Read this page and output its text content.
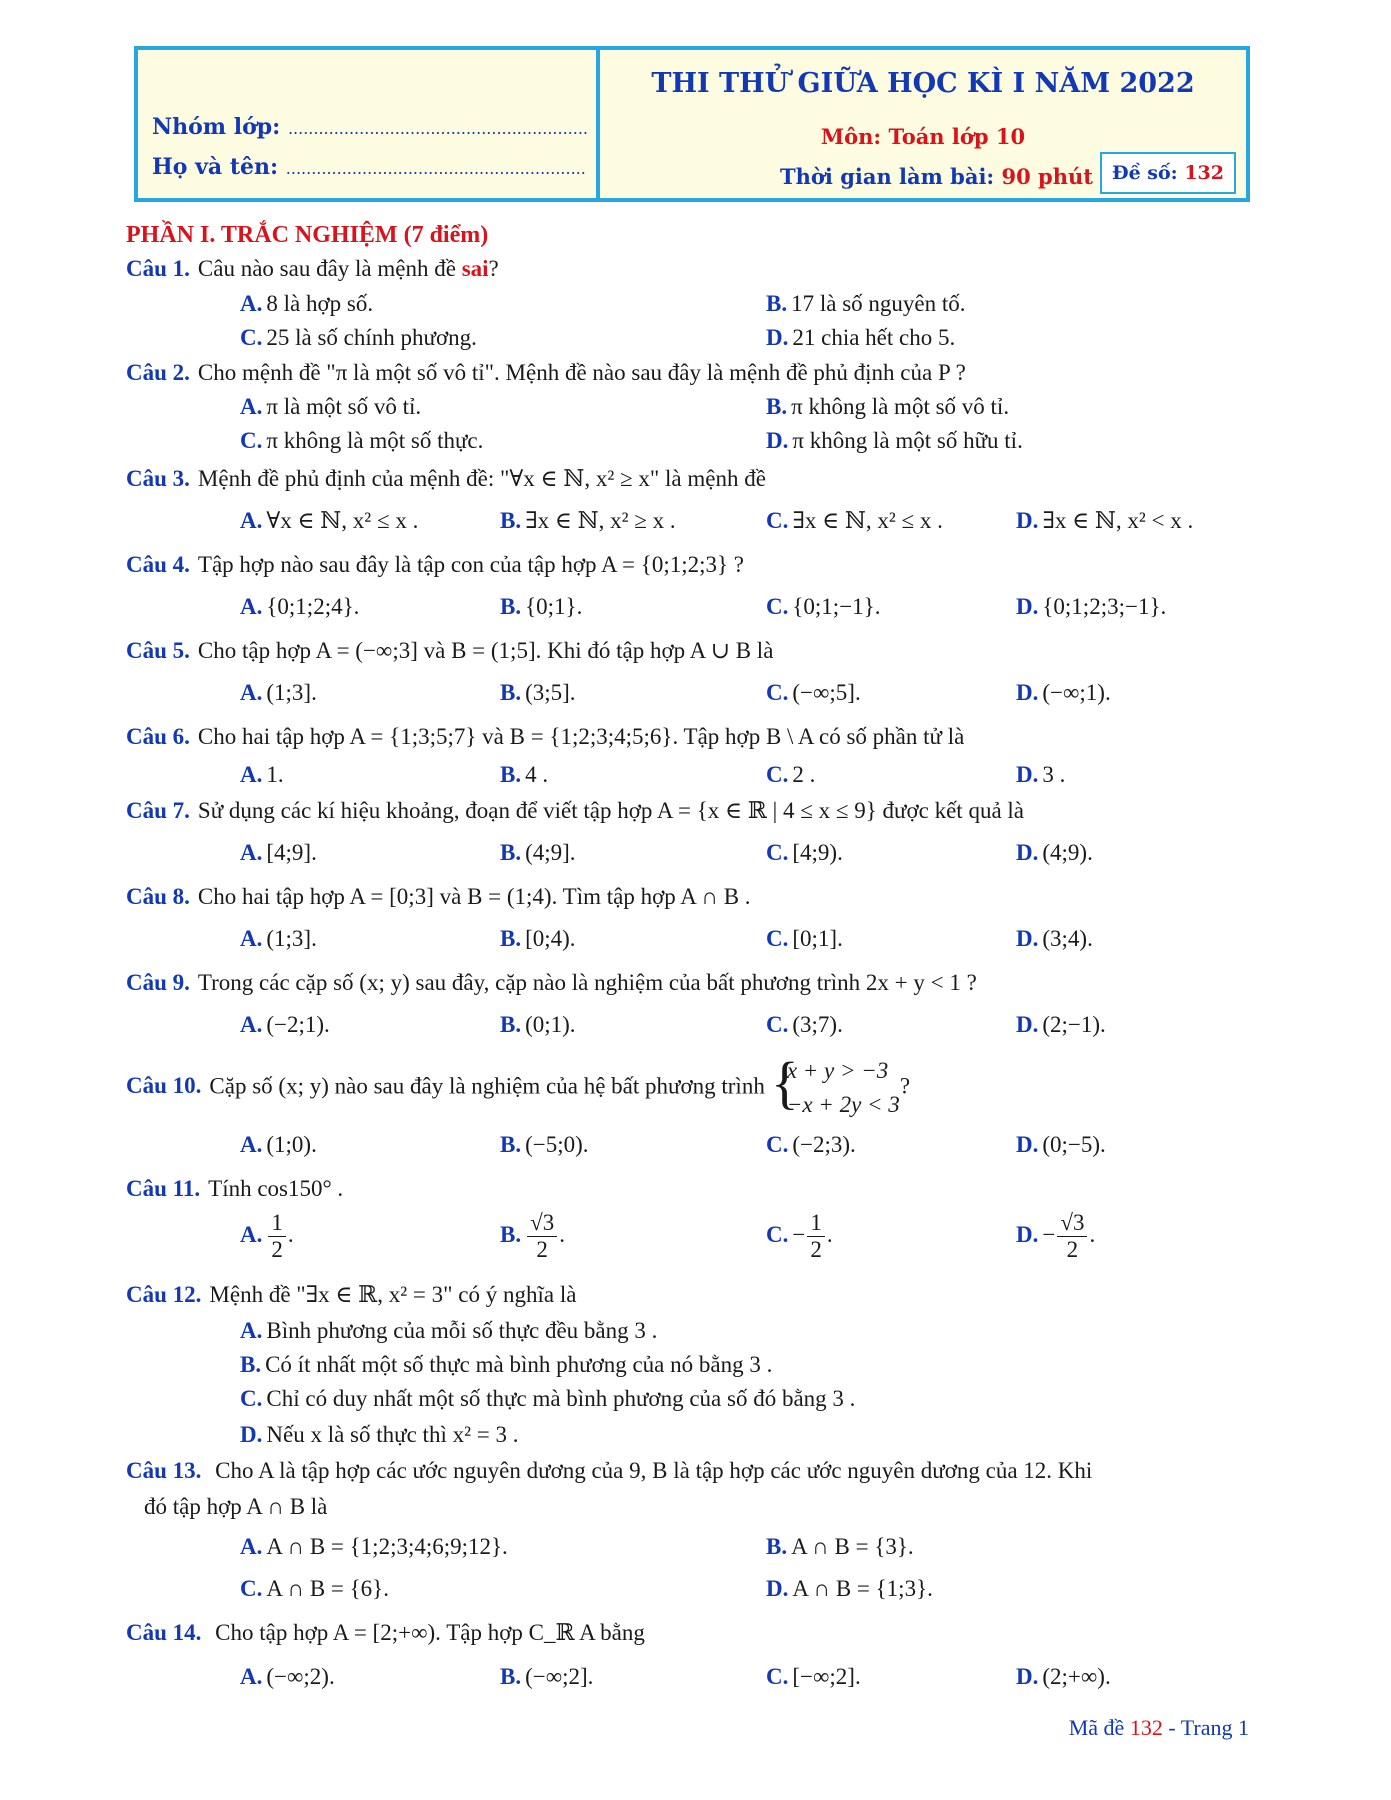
Nhóm lớp: ...........................................................
Họ và tên: ...........................................................
THI THỬ GIỮA HỌC KÌ I NĂM 2022
Môn: Toán lớp 10
Thời gian làm bài: 90 phút	Đề số: 132
PHẦN I. TRẮC NGHIỆM (7 điểm)
Câu 1. Câu nào sau đây là mệnh đề sai?
A. 8 là hợp số.	B. 17 là số nguyên tố.
C. 25 là số chính phương.	D. 21 chia hết cho 5.
Câu 2. Cho mệnh đề "π là một số vô tỉ". Mệnh đề nào sau đây là mệnh đề phủ định của P ?
A. π là một số vô tỉ.	B. π không là một số vô tỉ.
C. π không là một số thực.	D. π không là một số hữu tỉ.
Câu 3. Mệnh đề phủ định của mệnh đề: "∀x ∈ ℕ, x² ≥ x" là mệnh đề
A. ∀x ∈ ℕ, x² ≤ x .	B. ∃x ∈ ℕ, x² ≥ x .	C. ∃x ∈ ℕ, x² ≤ x .	D. ∃x ∈ ℕ, x² < x .
Câu 4. Tập hợp nào sau đây là tập con của tập hợp A = {0;1;2;3} ?
A. {0;1;2;4}.	B. {0;1}.	C. {0;1;−1}.	D. {0;1;2;3;−1}.
Câu 5. Cho tập hợp A = (−∞;3] và B = (1;5]. Khi đó tập hợp A ∪ B là
A. (1;3].	B. (3;5].	C. (−∞;5].	D. (−∞;1).
Câu 6. Cho hai tập hợp A = {1;3;5;7} và B = {1;2;3;4;5;6}. Tập hợp B \ A có số phần tử là
A. 1.	B. 4 .	C. 2 .	D. 3 .
Câu 7. Sử dụng các kí hiệu khoảng, đoạn để viết tập hợp A = {x ∈ ℝ | 4 ≤ x ≤ 9} được kết quả là
A. [4;9].	B. (4;9].	C. [4;9).	D. (4;9).
Câu 8. Cho hai tập hợp A = [0;3] và B = (1;4). Tìm tập hợp A ∩ B .
A. (1;3].	B. [0;4).	C. [0;1].	D. (3;4).
Câu 9. Trong các cặp số (x; y) sau đây, cặp nào là nghiệm của bất phương trình 2x + y < 1 ?
A. (−2;1).	B. (0;1).	C. (3;7).	D. (2;−1).
Câu 10. Cặp số (x; y) nào sau đây là nghiệm của hệ bất phương trình {
x + y > −3
−x + 2y < 3
?
A. (1;0).	B. (−5;0).	C. (−2;3).	D. (0;−5).
Câu 11. Tính cos150° .
A. $\frac{1}{2}$ .	B. $\frac{√3}{2}$ .	C. − $\frac{1}{2}$ .	D. − $\frac{√3}{2}$ .
Câu 12. Mệnh đề "∃x ∈ ℝ, x² = 3" có ý nghĩa là
A. Bình phương của mỗi số thực đều bằng 3 .
B. Có ít nhất một số thực mà bình phương của nó bằng 3 .
C. Chỉ có duy nhất một số thực mà bình phương của số đó bằng 3 .
D. Nếu x là số thực thì x² = 3 .
Câu 13. Cho A là tập hợp các ước nguyên dương của 9, B là tập hợp các ước nguyên dương của 12. Khi
đó tập hợp A ∩ B là
A. A ∩ B = {1;2;3;4;6;9;12}.	B. A ∩ B = {3}.
C. A ∩ B = {6}.	D. A ∩ B = {1;3}.
Câu 14. Cho tập hợp A = [2;+∞). Tập hợp C_ℝ A bằng
A. (−∞;2).	B. (−∞;2].	C. [−∞;2].	D. (2;+∞).
Mã đề 132 - Trang 1
